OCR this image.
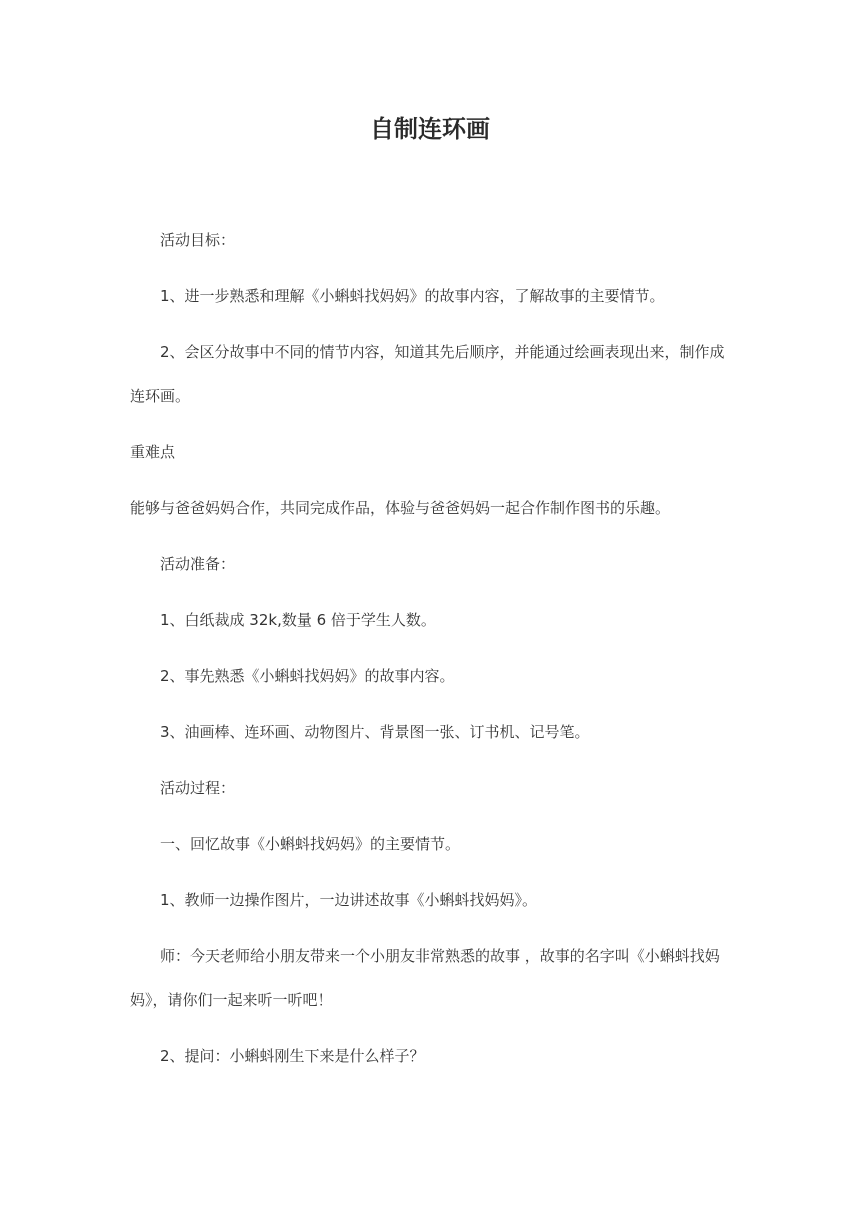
自制连环画
活动目标：
1、进一步熟悉和理解《小蝌蚪找妈妈》的故事内容，了解故事的主要情节。
2、会区分故事中不同的情节内容，知道其先后顺序，并能通过绘画表现出来，制作成
连环画。
重难点
能够与爸爸妈妈合作，共同完成作品，体验与爸爸妈妈一起合作制作图书的乐趣。
活动准备：
1、白纸裁成 32k,数量 6 倍于学生人数。
2、事先熟悉《小蝌蚪找妈妈》的故事内容。
3、油画棒、连环画、动物图片、背景图一张、订书机、记号笔。
活动过程：
一、回忆故事《小蝌蚪找妈妈》的主要情节。
1、教师一边操作图片，一边讲述故事《小蝌蚪找妈妈》。
师：今天老师给小朋友带来一个小朋友非常熟悉的故事 ，故事的名字叫《小蝌蚪找妈
妈》，请你们一起来听一听吧！
2、提问：小蝌蚪刚生下来是什么样子？
